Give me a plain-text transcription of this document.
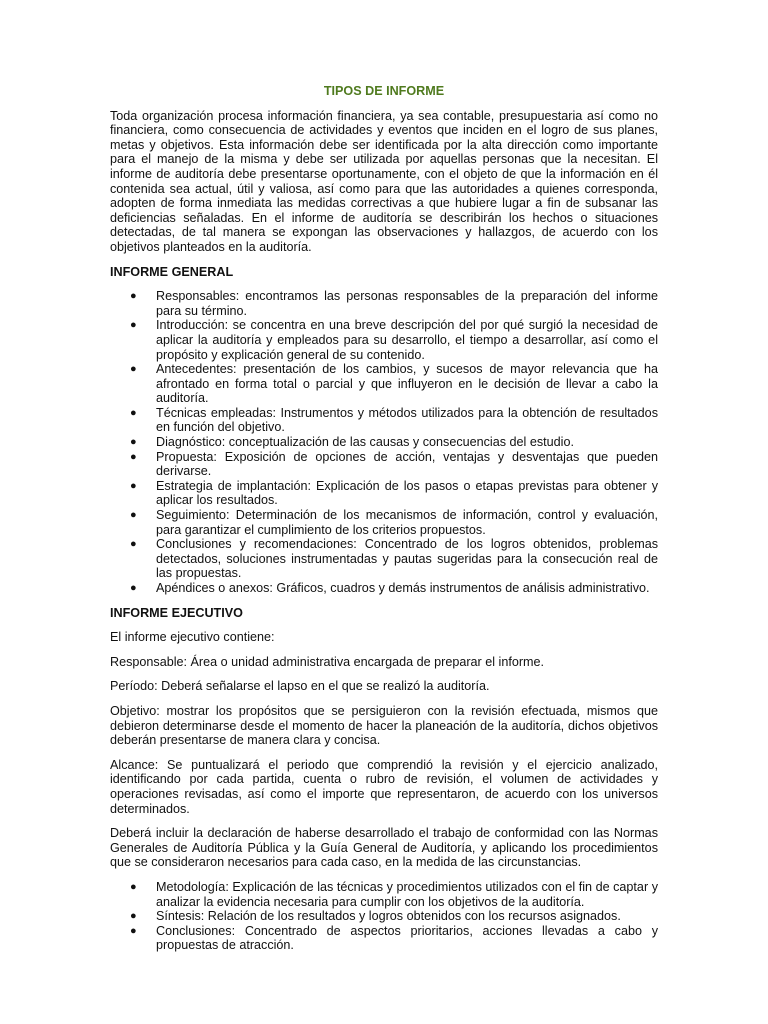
TIPOS DE INFORME

Toda organización procesa información financiera, ya sea contable, presupuestaria así como no financiera, como consecuencia de actividades y eventos que inciden en el logro de sus planes, metas y objetivos. Esta información debe ser identificada por la alta dirección como importante para el manejo de la misma y debe ser utilizada por aquellas personas que la necesitan. El informe de auditoría debe presentarse oportunamente, con el objeto de que la información en él contenida sea actual, útil y valiosa, así como para que las autoridades a quienes corresponda, adopten de forma inmediata las medidas correctivas a que hubiere lugar a fin de subsanar las deficiencias señaladas. En el informe de auditoría se describirán los hechos o situaciones detectadas, de tal manera se expongan las observaciones y hallazgos, de acuerdo con los objetivos planteados en la auditoría.

INFORME GENERAL
● Responsables: encontramos las personas responsables de la preparación del informe para su término.
● Introducción: se concentra en una breve descripción del por qué surgió la necesidad de aplicar la auditoría y empleados para su desarrollo, el tiempo a desarrollar, así como el propósito y explicación general de su contenido.
● Antecedentes: presentación de los cambios, y sucesos de mayor relevancia que ha afrontado en forma total o parcial y que influyeron en le decisión de llevar a cabo la auditoría.
● Técnicas empleadas: Instrumentos y métodos utilizados para la obtención de resultados en función del objetivo.
● Diagnóstico: conceptualización de las causas y consecuencias del estudio.
● Propuesta: Exposición de opciones de acción, ventajas y desventajas que pueden derivarse.
● Estrategia de implantación: Explicación de los pasos o etapas previstas para obtener y aplicar los resultados.
● Seguimiento: Determinación de los mecanismos de información, control y evaluación, para garantizar el cumplimiento de los criterios propuestos.
● Conclusiones y recomendaciones: Concentrado de los logros obtenidos, problemas detectados, soluciones instrumentadas y pautas sugeridas para la consecución real de las propuestas.
● Apéndices o anexos: Gráficos, cuadros y demás instrumentos de análisis administrativo.
INFORME EJECUTIVO

El informe ejecutivo contiene:

Responsable: Área o unidad administrativa encargada de preparar el informe.

Período: Deberá señalarse el lapso en el que se realizó la auditoría.

Objetivo: mostrar los propósitos que se persiguieron con la revisión efectuada, mismos que debieron determinarse desde el momento de hacer la planeación de la auditoría, dichos objetivos deberán presentarse de manera clara y concisa.

Alcance: Se puntualizará el periodo que comprendió la revisión y el ejercicio analizado, identificando por cada partida, cuenta o rubro de revisión, el volumen de actividades y operaciones revisadas, así como el importe que representaron, de acuerdo con los universos determinados.

Deberá incluir la declaración de haberse desarrollado el trabajo de conformidad con las Normas Generales de Auditoría Pública y la Guía General de Auditoría, y aplicando los procedimientos que se consideraron necesarios para cada caso, en la medida de las circunstancias.

● Metodología: Explicación de las técnicas y procedimientos utilizados con el fin de captar y analizar la evidencia necesaria para cumplir con los objetivos de la auditoría.
● Síntesis: Relación de los resultados y logros obtenidos con los recursos asignados.
● Conclusiones: Concentrado de aspectos prioritarios, acciones llevadas a cabo y propuestas de atracción.
